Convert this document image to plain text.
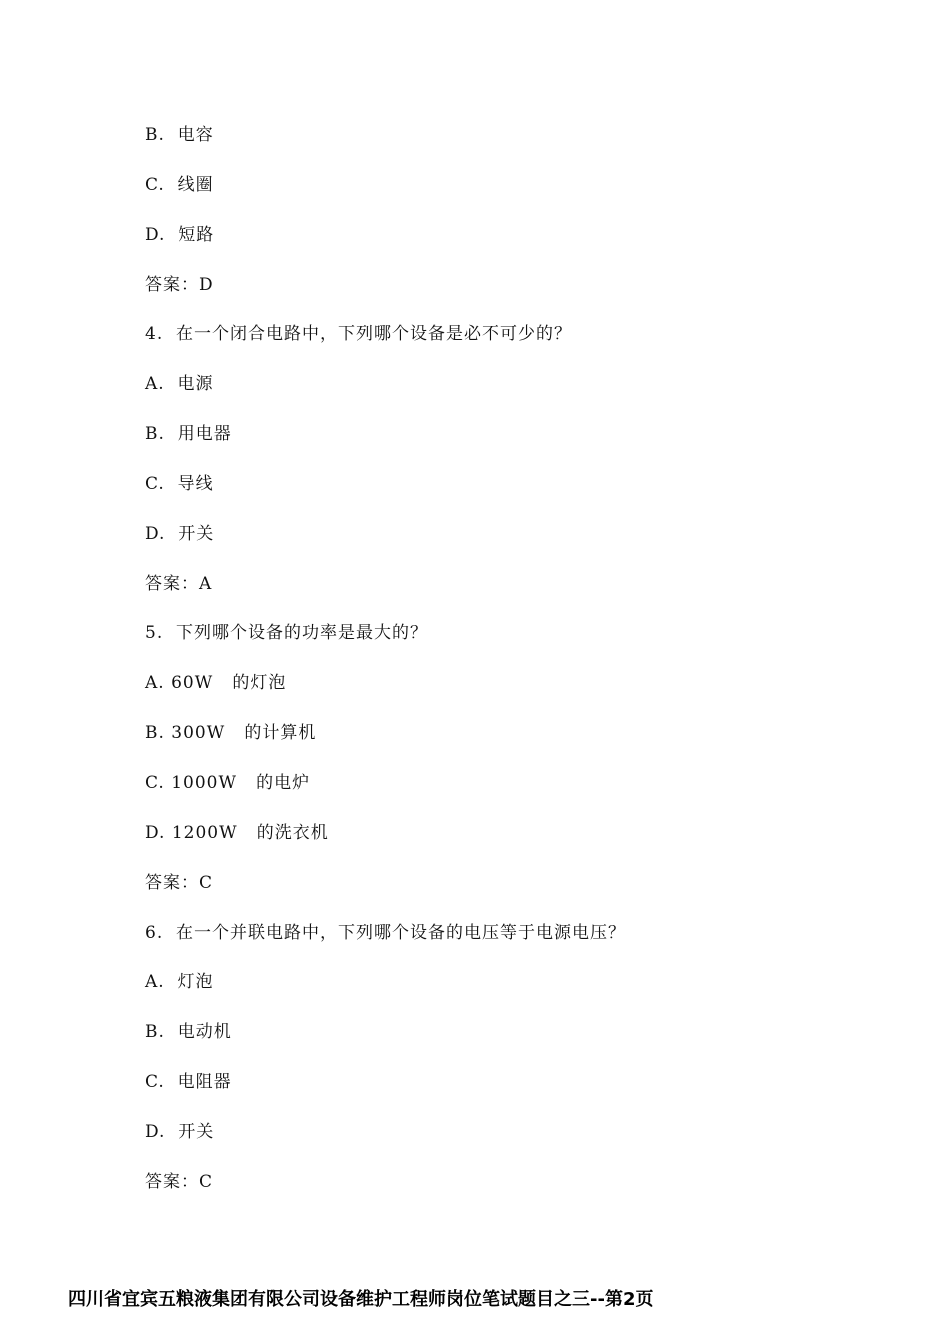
B.  电容
C.  线圈
D.  短路
答案：D
4.  在一个闭合电路中，下列哪个设备是必不可少的？
A.  电源
B.  用电器
C.  导线
D.  开关
答案：A
5.  下列哪个设备的功率是最大的？
A. 60W   的灯泡
B. 300W   的计算机
C. 1000W   的电炉
D. 1200W   的洗衣机
答案：C
6.  在一个并联电路中，下列哪个设备的电压等于电源电压？
A.  灯泡
B.  电动机
C.  电阻器
D.  开关
答案：C
四川省宜宾五粮液集团有限公司设备维护工程师岗位笔试题目之三--第2页
